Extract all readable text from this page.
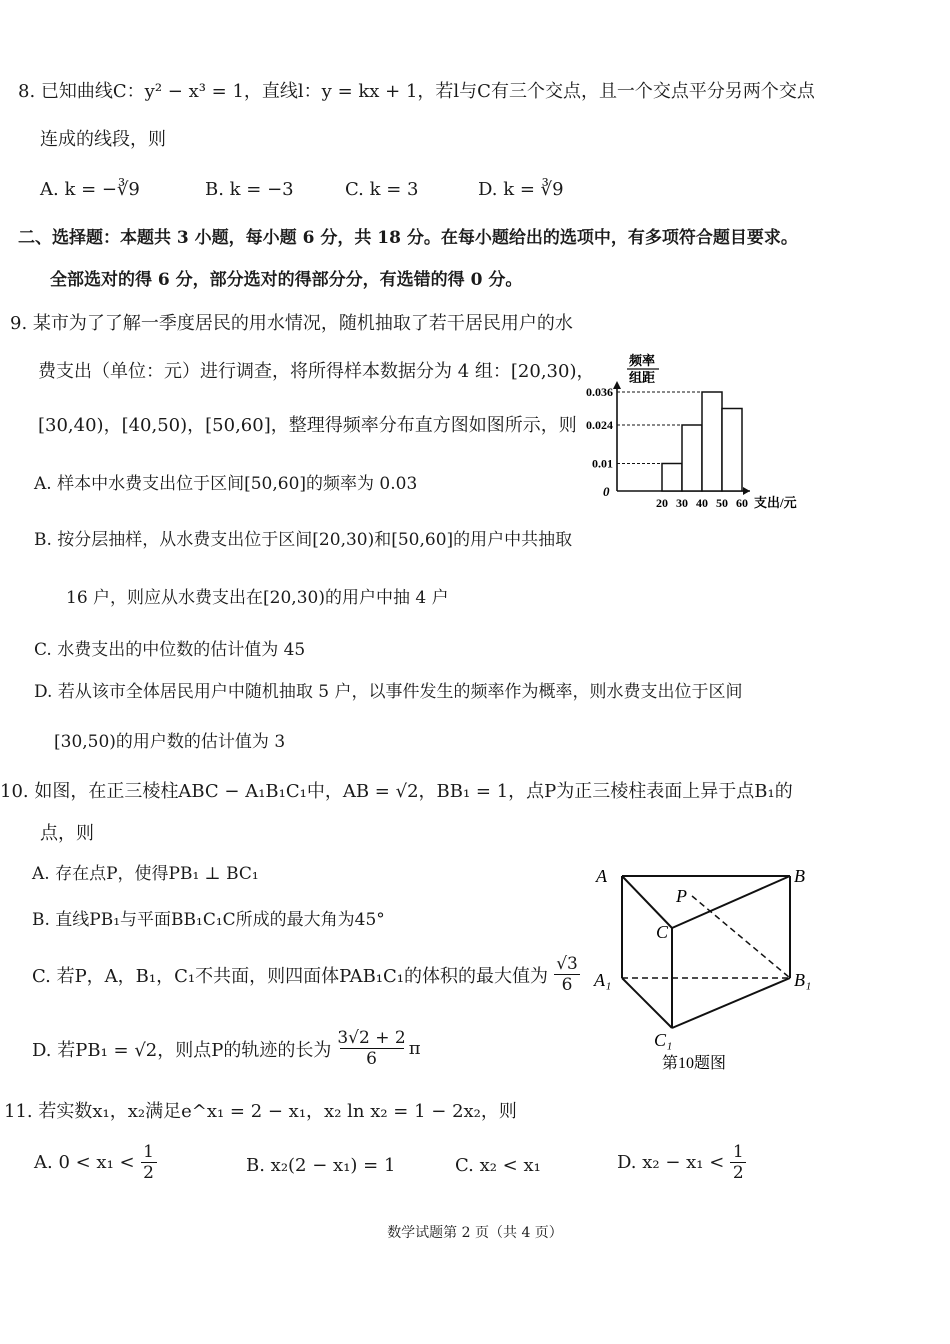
8. 已知曲线C：y² − x³ = 1，直线l：y = kx + 1，若l与C有三个交点，且一个交点平分另两个交点
连成的线段，则
A. k = −∛9	B. k = −3	C. k = 3	D. k = ∛9
二、选择题：本题共 3 小题，每小题 6 分，共 18 分。在每小题给出的选项中，有多项符合题目要求。
全部选对的得 6 分，部分选对的得部分分，有选错的得 0 分。
9. 某市为了了解一季度居民的用水情况，随机抽取了若干居民用户的水
费支出（单位：元）进行调查，将所得样本数据分为 4 组：[20,30)，
[30,40)，[40,50)，[50,60]，整理得频率分布直方图如图所示，则
A. 样本中水费支出位于区间[50,60]的频率为 0.03
B. 按分层抽样，从水费支出位于区间[20,30)和[50,60]的用户中共抽取
16 户，则应从水费支出在[20,30)的用户中抽 4 户
C. 水费支出的中位数的估计值为 45
D. 若从该市全体居民用户中随机抽取 5 户，以事件发生的频率作为概率，则水费支出位于区间
[30,50)的用户数的估计值为 3
频率
组距
0
0.01
0.024
0.036
20 30 40 50 60 支出/元
10. 如图，在正三棱柱ABC − A₁B₁C₁中，AB = √2，BB₁ = 1，点P为正三棱柱表面上异于点B₁的
点，则
A. 存在点P，使得PB₁ ⊥ BC₁
B. 直线PB₁与平面BB₁C₁C所成的最大角为45°
C. 若P，A，B₁，C₁不共面，则四面体PAB₁C₁的体积的最大值为 $\frac{√3}{6}$
D. 若PB₁ = √2，则点P的轨迹的长为 $\frac{3√2 + 2}{6}$ π
A	B
C
P
A₁	B₁
C₁
第10题图
11. 若实数x₁，x₂满足e^x₁ = 2 − x₁，x₂ ln x₂ = 1 − 2x₂，则
A. $0 < x_1 < \frac{1}{2}$	B. x₂(2 − x₁) = 1	C. x₂ < x₁	D. $x_2 - x_1 < \frac{1}{2}$
数学试题第 2 页（共 4 页）
